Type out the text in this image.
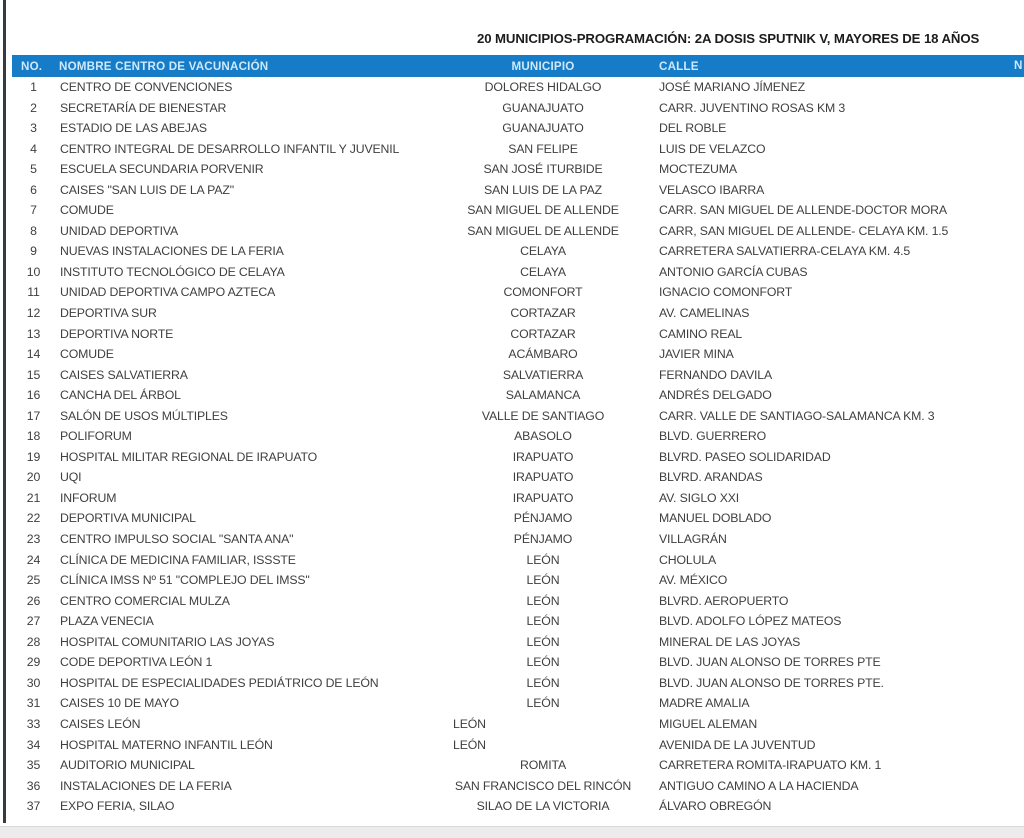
20 MUNICIPIOS-PROGRAMACIÓN: 2A DOSIS SPUTNIK V, MAYORES DE 18 AÑOS
NO.	NOMBRE CENTRO DE VACUNACIÓN	MUNICIPIO	CALLE
1	CENTRO DE CONVENCIONES	DOLORES HIDALGO	JOSÉ MARIANO JÍMENEZ
2	SECRETARÍA DE BIENESTAR	GUANAJUATO	CARR. JUVENTINO ROSAS KM 3
3	ESTADIO DE LAS ABEJAS	GUANAJUATO	DEL ROBLE
4	CENTRO INTEGRAL DE DESARROLLO INFANTIL Y JUVENIL	SAN FELIPE	LUIS DE VELAZCO
5	ESCUELA SECUNDARIA PORVENIR	SAN JOSÉ ITURBIDE	MOCTEZUMA
6	CAISES "SAN LUIS DE LA PAZ"	SAN LUIS DE LA PAZ	VELASCO IBARRA
7	COMUDE	SAN MIGUEL DE ALLENDE	CARR. SAN MIGUEL DE ALLENDE-DOCTOR MORA
8	UNIDAD DEPORTIVA	SAN MIGUEL DE ALLENDE	CARR, SAN MIGUEL DE ALLENDE- CELAYA KM. 1.5
9	NUEVAS INSTALACIONES DE LA FERIA	CELAYA	CARRETERA SALVATIERRA-CELAYA KM. 4.5
10	INSTITUTO TECNOLÓGICO DE CELAYA	CELAYA	ANTONIO GARCÍA CUBAS
11	UNIDAD DEPORTIVA CAMPO AZTECA	COMONFORT	IGNACIO COMONFORT
12	DEPORTIVA SUR	CORTAZAR	AV. CAMELINAS
13	DEPORTIVA NORTE	CORTAZAR	CAMINO REAL
14	COMUDE	ACÁMBARO	JAVIER MINA
15	CAISES SALVATIERRA	SALVATIERRA	FERNANDO DAVILA
16	CANCHA DEL ÁRBOL	SALAMANCA	ANDRÉS DELGADO
17	SALÓN DE USOS MÚLTIPLES	VALLE DE SANTIAGO	CARR. VALLE DE SANTIAGO-SALAMANCA KM. 3
18	POLIFORUM	ABASOLO	BLVD. GUERRERO
19	HOSPITAL MILITAR REGIONAL DE IRAPUATO	IRAPUATO	BLVRD. PASEO SOLIDARIDAD
20	UQI	IRAPUATO	BLVRD. ARANDAS
21	INFORUM	IRAPUATO	AV. SIGLO XXI
22	DEPORTIVA MUNICIPAL	PÉNJAMO	MANUEL DOBLADO
23	CENTRO IMPULSO SOCIAL "SANTA ANA"	PÉNJAMO	VILLAGRÁN
24	CLÍNICA DE MEDICINA FAMILIAR, ISSSTE	LEÓN	CHOLULA
25	CLÍNICA IMSS Nº 51 "COMPLEJO DEL IMSS"	LEÓN	AV. MÉXICO
26	CENTRO COMERCIAL MULZA	LEÓN	BLVRD. AEROPUERTO
27	PLAZA VENECIA	LEÓN	BLVD. ADOLFO LÓPEZ MATEOS
28	HOSPITAL COMUNITARIO LAS JOYAS	LEÓN	MINERAL DE LAS JOYAS
29	CODE DEPORTIVA LEÓN 1	LEÓN	BLVD. JUAN ALONSO DE TORRES PTE
30	HOSPITAL DE ESPECIALIDADES PEDIÁTRICO DE LEÓN	LEÓN	BLVD. JUAN ALONSO DE TORRES PTE.
31	CAISES 10 DE MAYO	LEÓN	MADRE AMALIA
33	CAISES LEÓN	LEÓN	MIGUEL ALEMAN
34	HOSPITAL MATERNO INFANTIL LEÓN	LEÓN	AVENIDA DE LA JUVENTUD
35	AUDITORIO MUNICIPAL	ROMITA	CARRETERA ROMITA-IRAPUATO KM. 1
36	INSTALACIONES DE LA FERIA	SAN FRANCISCO DEL RINCÓN	ANTIGUO CAMINO A LA HACIENDA
37	EXPO FERIA, SILAO	SILAO DE LA VICTORIA	ÁLVARO OBREGÓN
N
